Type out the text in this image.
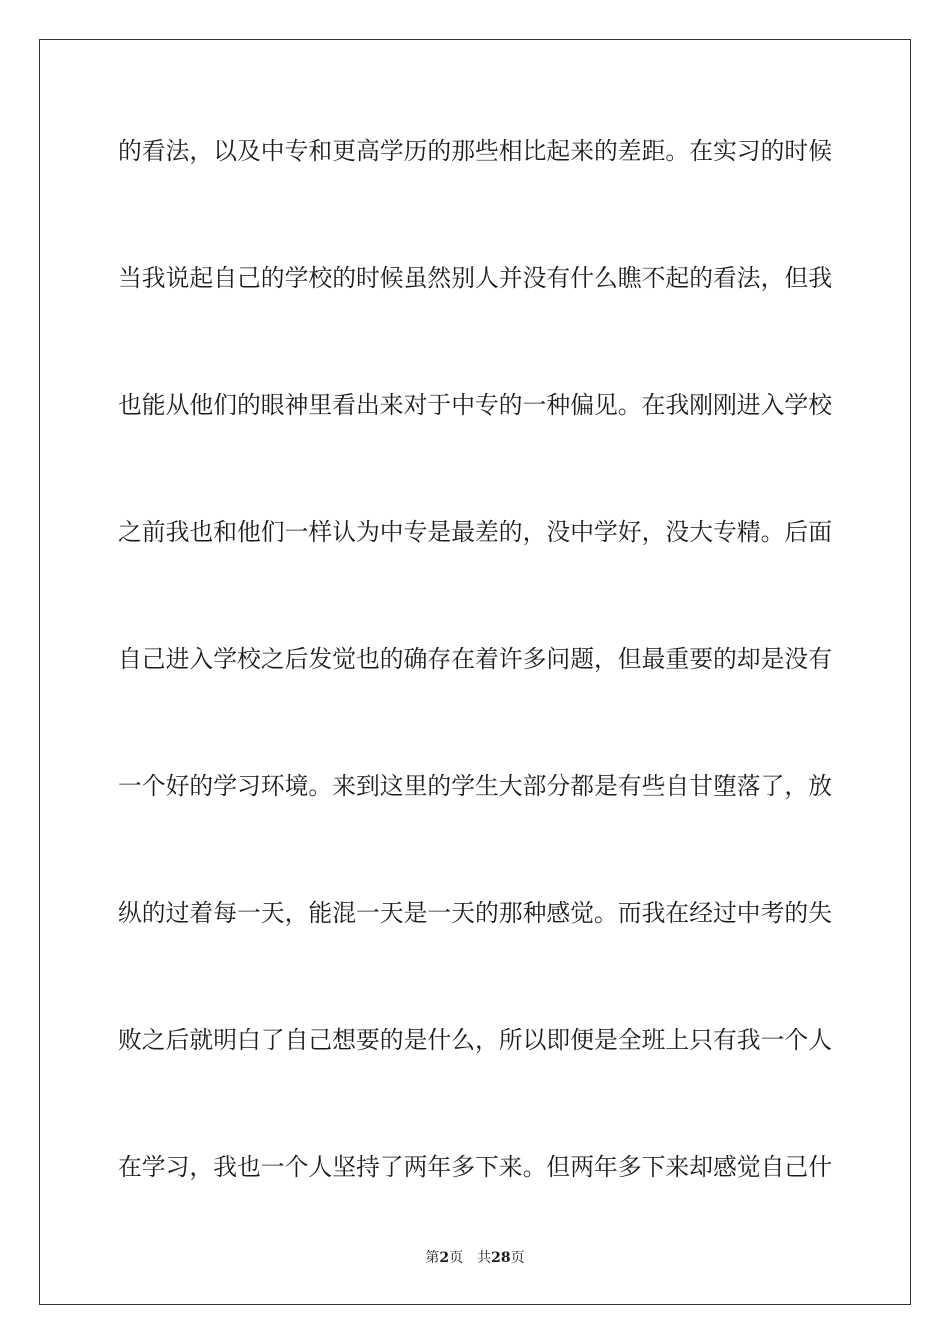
的看法，以及中专和更高学历的那些相比起来的差距。在实习的时候
当我说起自己的学校的时候虽然别人并没有什么瞧不起的看法，但我
也能从他们的眼神里看出来对于中专的一种偏见。在我刚刚进入学校
之前我也和他们一样认为中专是最差的，没中学好，没大专精。后面
自己进入学校之后发觉也的确存在着许多问题，但最重要的却是没有
一个好的学习环境。来到这里的学生大部分都是有些自甘堕落了，放
纵的过着每一天，能混一天是一天的那种感觉。而我在经过中考的失
败之后就明白了自己想要的是什么，所以即便是全班上只有我一个人
在学习，我也一个人坚持了两年多下来。但两年多下来却感觉自己什
第2页 共28页
